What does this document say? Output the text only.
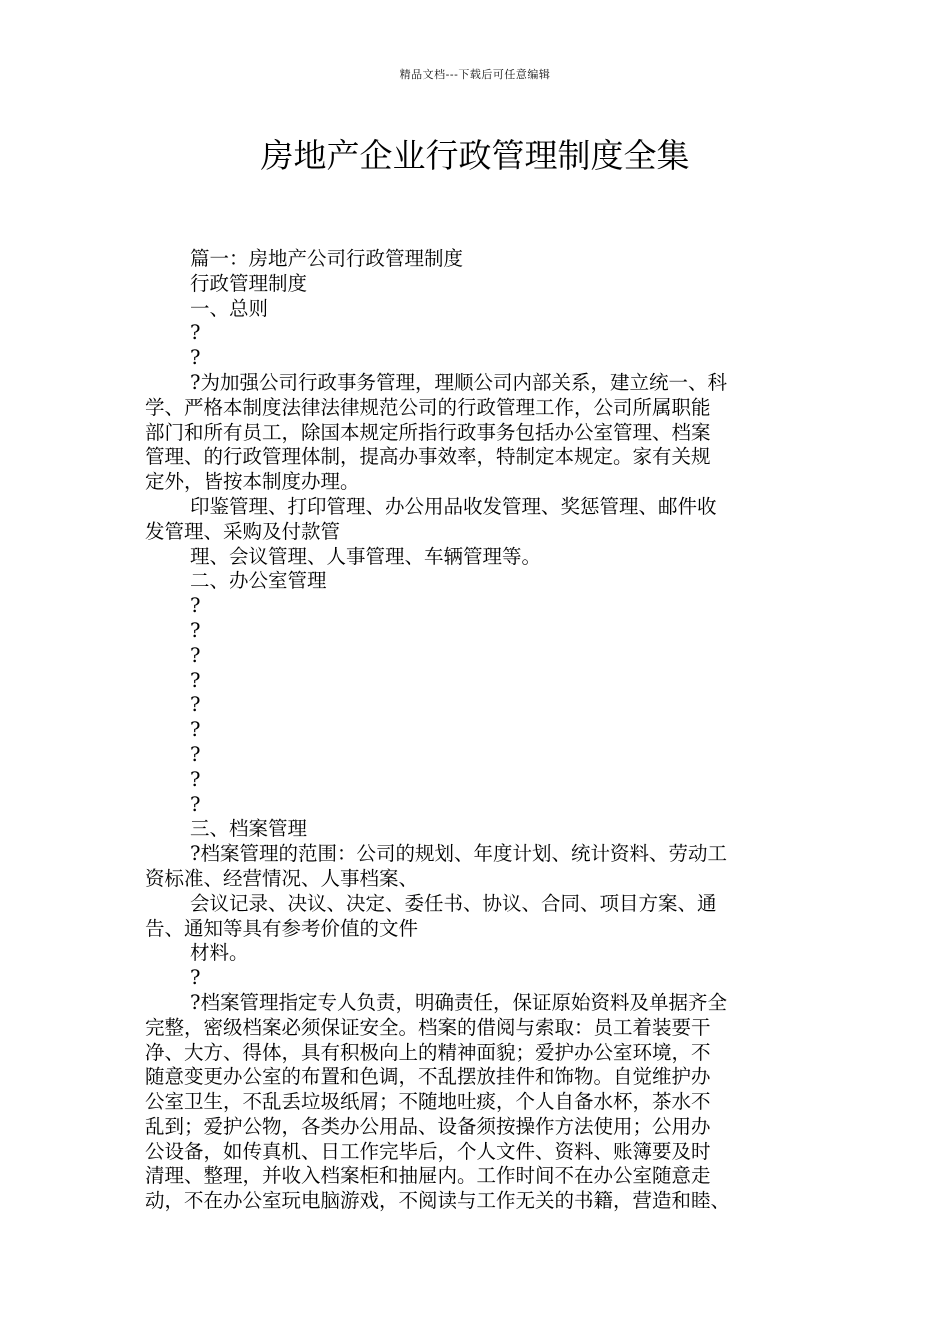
精品文档---下载后可任意编辑
房地产企业行政管理制度全集

篇一：房地产公司行政管理制度

行政管理制度

一、总则

?

?

?为加强公司行政事务管理，理顺公司内部关系，建立统一、科

学、严格本制度法律法律规范公司的行政管理工作，公司所属职能

部门和所有员工，除国本规定所指行政事务包括办公室管理、档案

管理、的行政管理体制，提高办事效率，特制定本规定。家有关规

定外，皆按本制度办理。

印鉴管理、打印管理、办公用品收发管理、奖惩管理、邮件收

发管理、采购及付款管

理、会议管理、人事管理、车辆管理等。

二、办公室管理

?

?

?

?

?

?

?

?

?

三、档案管理

?档案管理的范围：公司的规划、年度计划、统计资料、劳动工

资标准、经营情况、人事档案、

会议记录、决议、决定、委任书、协议、合同、项目方案、通

告、通知等具有参考价值的文件

材料。

?

?档案管理指定专人负责，明确责任，保证原始资料及单据齐全

完整，密级档案必须保证安全。档案的借阅与索取：员工着装要干

净、大方、得体，具有积极向上的精神面貌；爱护办公室环境，不

随意变更办公室的布置和色调，不乱摆放挂件和饰物。自觉维护办

公室卫生，不乱丢垃圾纸屑；不随地吐痰，个人自备水杯，茶水不

乱到；爱护公物，各类办公用品、设备须按操作方法使用；公用办

公设备，如传真机、日工作完毕后，个人文件、资料、账簿要及时

清理、整理，并收入档案柜和抽屉内。工作时间不在办公室随意走

动，不在办公室玩电脑游戏，不阅读与工作无关的书籍，营造和睦、
